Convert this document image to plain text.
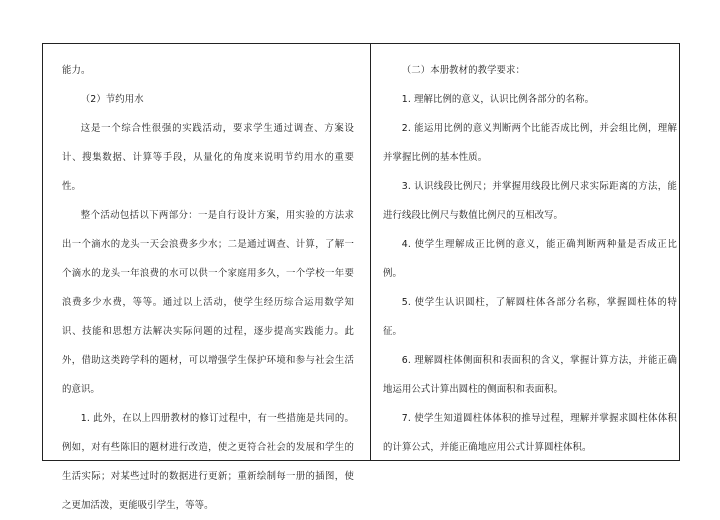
能力。

（2）节约用水

这是一个综合性很强的实践活动，要求学生通过调查、方案设计、搜集数据、计算等手段，从量化的角度来说明节约用水的重要性。

整个活动包括以下两部分：一是自行设计方案，用实验的方法求出一个滴水的龙头一天会浪费多少水；二是通过调查、计算，了解一个滴水的龙头一年浪费的水可以供一个家庭用多久，一个学校一年要浪费多少水费，等等。通过以上活动，使学生经历综合运用数学知识、技能和思想方法解决实际问题的过程，逐步提高实践能力。此外，借助这类跨学科的题材，可以增强学生保护环境和参与社会生活的意识。

1. 此外，在以上四册教材的修订过程中，有一些措施是共同的。例如，对有些陈旧的题材进行改造，使之更符合社会的发展和学生的生活实际；对某些过时的数据进行更新；重新绘制每一册的插图，使之更加活泼，更能吸引学生，等等。

（二）本册教材的教学要求：

1. 理解比例的意义，认识比例各部分的名称。

2. 能运用比例的意义判断两个比能否成比例，并会组比例，理解并掌握比例的基本性质。

3. 认识线段比例尺；并掌握用线段比例尺求实际距离的方法，能进行线段比例尺与数值比例尺的互相改写。

4. 使学生理解成正比例的意义，能正确判断两种量是否成正比例。

5. 使学生认识圆柱，了解圆柱体各部分名称，掌握圆柱体的特征。

6. 理解圆柱体侧面积和表面积的含义，掌握计算方法，并能正确地运用公式计算出圆柱的侧面积和表面积。

7. 使学生知道圆柱体体积的推导过程，理解并掌握求圆柱体体积的计算公式，并能正确地应用公式计算圆柱体积。
